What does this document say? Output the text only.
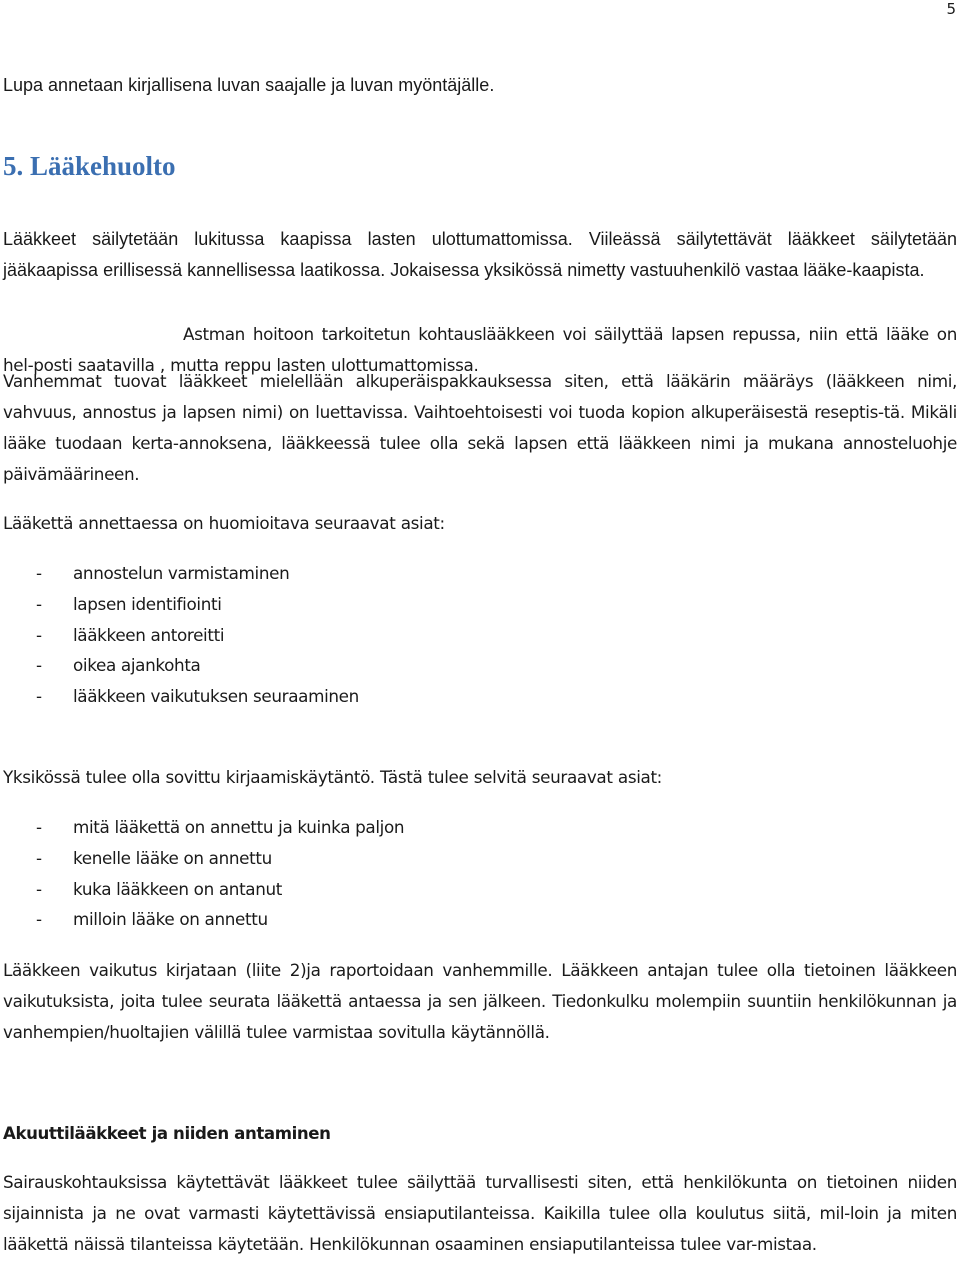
5

Lupa annetaan kirjallisena luvan saajalle ja luvan myöntäjälle.

5. Lääkehuolto

Lääkkeet säilytetään lukitussa kaapissa lasten ulottumattomissa. Viileässä säilytettävät lääkkeet säilytetään jääkaapissa erillisessä kannellisessa laatikossa. Jokaisessa yksikössä nimetty vastuuhenkilö vastaa lääke-kaapista.

Astman hoitoon tarkoitetun kohtauslääkkeen voi säilyttää lapsen repussa, niin että lääke on hel-posti saatavilla , mutta reppu lasten ulottumattomissa.

Vanhemmat tuovat lääkkeet mielellään alkuperäispakkauksessa siten, että lääkärin määräys (lääkkeen nimi, vahvuus, annostus ja lapsen nimi) on luettavissa. Vaihtoehtoisesti voi tuoda kopion alkuperäisestä reseptis-tä. Mikäli lääke tuodaan kerta-annoksena, lääkkeessä tulee olla sekä lapsen että lääkkeen nimi ja mukana annosteluohje päivämäärineen.

Lääkettä annettaessa on huomioitava seuraavat asiat:

- annostelun varmistaminen
- lapsen identifiointi
- lääkkeen antoreitti
- oikea ajankohta
- lääkkeen vaikutuksen seuraaminen

Yksikössä tulee olla sovittu kirjaamiskäytäntö. Tästä tulee selvitä seuraavat asiat:

- mitä lääkettä on annettu ja kuinka paljon
- kenelle lääke on annettu
- kuka lääkkeen on antanut
- milloin lääke on annettu

Lääkkeen vaikutus kirjataan (liite 2)ja raportoidaan vanhemmille. Lääkkeen antajan tulee olla tietoinen lääkkeen vaikutuksista, joita tulee seurata lääkettä antaessa ja sen jälkeen. Tiedonkulku molempiin suuntiin henkilökunnan ja vanhempien/huoltajien välillä tulee varmistaa sovitulla käytännöllä.

Akuuttilääkkeet ja niiden antaminen

Sairauskohtauksissa käytettävät lääkkeet tulee säilyttää turvallisesti siten, että henkilökunta on tietoinen niiden sijainnista ja ne ovat varmasti käytettävissä ensiaputilanteissa. Kaikilla tulee olla koulutus siitä, mil-loin ja miten lääkettä näissä tilanteissa käytetään. Henkilökunnan osaaminen ensiaputilanteissa tulee var-mistaa.
